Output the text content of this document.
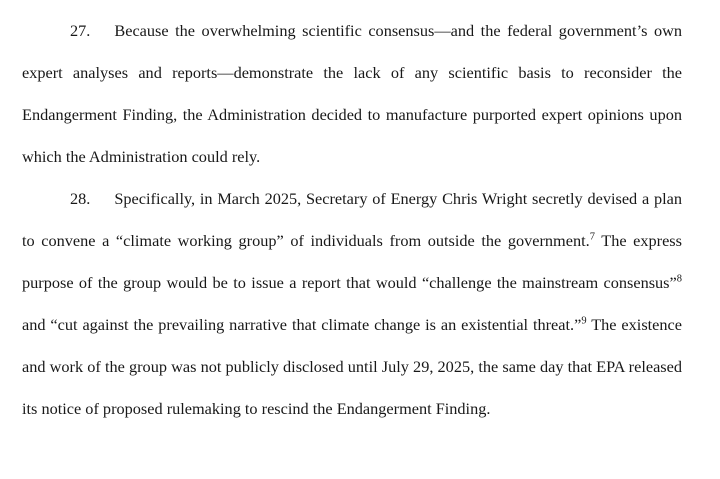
27. Because the overwhelming scientific consensus—and the federal government’s own expert analyses and reports—demonstrate the lack of any scientific basis to reconsider the Endangerment Finding, the Administration decided to manufacture purported expert opinions upon which the Administration could rely.

28. Specifically, in March 2025, Secretary of Energy Chris Wright secretly devised a plan to convene a “climate working group” of individuals from outside the government.$^7$ The express purpose of the group would be to issue a report that would “challenge the mainstream consensus”$^8$ and “cut against the prevailing narrative that climate change is an existential threat.”$^9$ The existence and work of the group was not publicly disclosed until July 29, 2025, the same day that EPA released its notice of proposed rulemaking to rescind the Endangerment Finding.
